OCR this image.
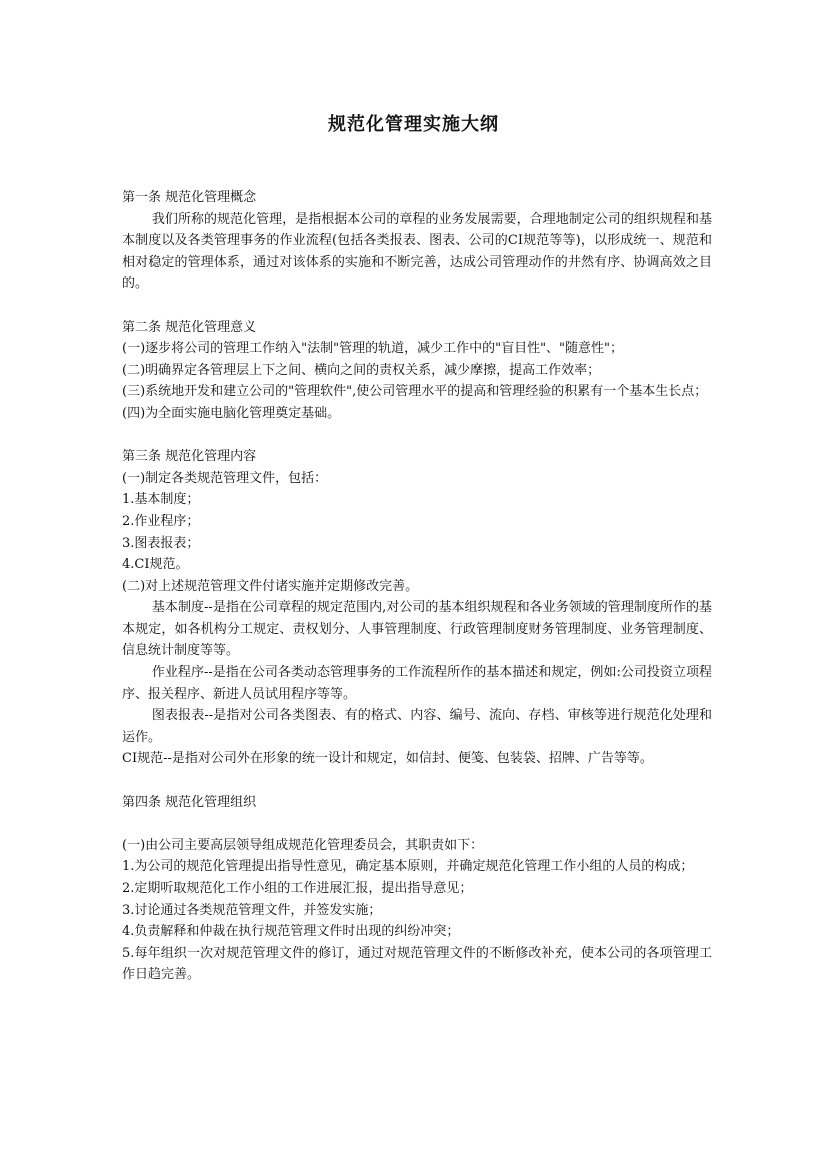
规范化管理实施大纲

第一条 规范化管理概念

我们所称的规范化管理，是指根据本公司的章程的业务发展需要，合理地制定公司的组织规程和基本制度以及各类管理事务的作业流程(包括各类报表、图表、公司的CI规范等等)，以形成统一、规范和相对稳定的管理体系，通过对该体系的实施和不断完善，达成公司管理动作的井然有序、协调高效之目的。

第二条 规范化管理意义

(一)逐步将公司的管理工作纳入"法制"管理的轨道，减少工作中的"盲目性"、"随意性"；

(二)明确界定各管理层上下之间、横向之间的责权关系，减少摩擦，提高工作效率；

(三)系统地开发和建立公司的"管理软件",使公司管理水平的提高和管理经验的积累有一个基本生长点；

(四)为全面实施电脑化管理奠定基础。

第三条 规范化管理内容

(一)制定各类规范管理文件，包括：

1.基本制度；

2.作业程序；

3.图表报表；

4.CI规范。

(二)对上述规范管理文件付诸实施并定期修改完善。

基本制度--是指在公司章程的规定范围内,对公司的基本组织规程和各业务领域的管理制度所作的基本规定，如各机构分工规定、责权划分、人事管理制度、行政管理制度财务管理制度、业务管理制度、信息统计制度等等。

作业程序--是指在公司各类动态管理事务的工作流程所作的基本描述和规定，例如:公司投资立项程序、报关程序、新进人员试用程序等等。

图表报表--是指对公司各类图表、有的格式、内容、编号、流向、存档、审核等进行规范化处理和运作。

CI规范--是指对公司外在形象的统一设计和规定，如信封、便笺、包装袋、招牌、广告等等。

第四条 规范化管理组织

(一)由公司主要高层领导组成规范化管理委员会，其职责如下：

1.为公司的规范化管理提出指导性意见，确定基本原则，并确定规范化管理工作小组的人员的构成；

2.定期听取规范化工作小组的工作进展汇报，提出指导意见；

3.讨论通过各类规范管理文件，并签发实施；

4.负责解释和仲裁在执行规范管理文件时出现的纠纷冲突；

5.每年组织一次对规范管理文件的修订，通过对规范管理文件的不断修改补充，使本公司的各项管理工作日趋完善。
